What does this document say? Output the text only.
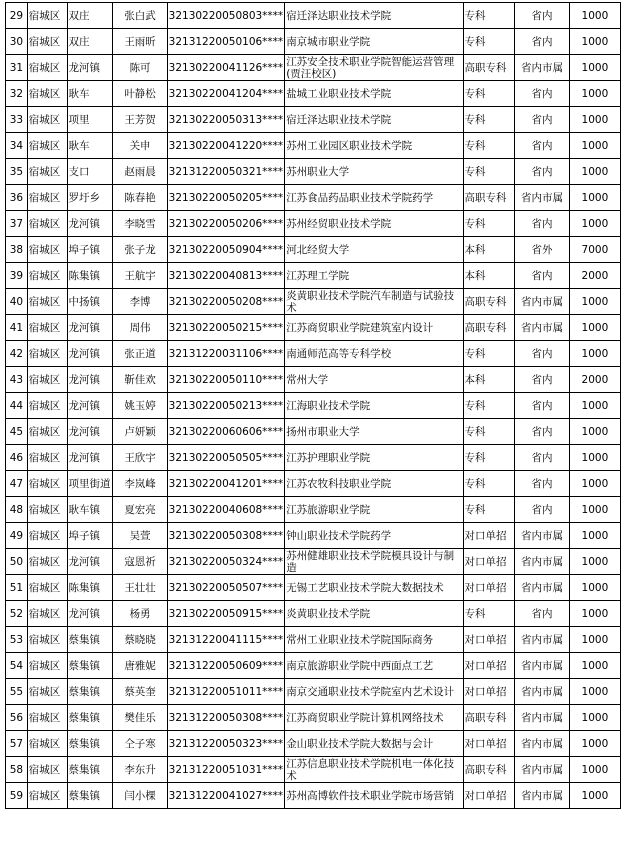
29	宿城区	双庄	张白武	32130220050803****	宿迁泽达职业技术学院	专科	省内	1000
30	宿城区	双庄	王雨昕	32131220050106****	南京城市职业学院	专科	省内	1000
31	宿城区	龙河镇	陈可	32130220041126****	江苏安全技术职业学院智能运营管理(贾汪校区)	高职专科	省内市属	1000
32	宿城区	耿车	叶静松	32130220041204****	盐城工业职业技术学院	专科	省内	1000
33	宿城区	项里	王芳贺	32130220050313****	宿迁泽达职业技术学院	专科	省内	1000
34	宿城区	耿车	关申	32130220041220****	苏州工业园区职业技术学院	专科	省内	1000
35	宿城区	支口	赵雨晨	32131220050321****	苏州职业大学	专科	省内	1000
36	宿城区	罗圩乡	陈春艳	32130220050205****	江苏食品药品职业技术学院药学	高职专科	省内市属	1000
37	宿城区	龙河镇	李晓雪	32130220050206****	苏州经贸职业技术学院	专科	省内	1000
38	宿城区	埠子镇	张子龙	32130220050904****	河北经贸大学	本科	省外	7000
39	宿城区	陈集镇	王航宇	32130220040813****	江苏理工学院	本科	省内	2000
40	宿城区	中扬镇	李博	32130220050208****	炎黄职业技术学院汽车制造与试验技术	高职专科	省内市属	1000
41	宿城区	龙河镇	周伟	32130220050215****	江苏商贸职业学院建筑室内设计	高职专科	省内市属	1000
42	宿城区	龙河镇	张正道	32131220031106****	南通师范高等专科学校	专科	省内	1000
43	宿城区	龙河镇	靳佳欢	32130220050110****	常州大学	本科	省内	2000
44	宿城区	龙河镇	姚玉婷	32130220050213****	江海职业技术学院	专科	省内	1000
45	宿城区	龙河镇	卢妍颖	32130220060606****	扬州市职业大学	专科	省内	1000
46	宿城区	龙河镇	王欣宇	32130220050505****	江苏护理职业学院	专科	省内	1000
47	宿城区	项里街道	李岚峰	32130220041201****	江苏农牧科技职业学院	专科	省内	1000
48	宿城区	耿车镇	夏宏亮	32130220040608****	江苏旅游职业学院	专科	省内	1000
49	宿城区	埠子镇	吴萱	32130220050308****	钟山职业技术学院药学	对口单招	省内市属	1000
50	宿城区	龙河镇	寇恩祈	32130220050324****	苏州健雄职业技术学院模具设计与制造	对口单招	省内市属	1000
51	宿城区	陈集镇	王壮壮	32130220050507****	无锡工艺职业技术学院大数据技术	对口单招	省内市属	1000
52	宿城区	龙河镇	杨勇	32130220050915****	炎黄职业技术学院	专科	省内	1000
53	宿城区	蔡集镇	蔡晓晓	32131220041115****	常州工业职业技术学院国际商务	对口单招	省内市属	1000
54	宿城区	蔡集镇	唐雅妮	32131220050609****	南京旅游职业学院中西面点工艺	对口单招	省内市属	1000
55	宿城区	蔡集镇	蔡英奎	32131220051011****	南京交通职业技术学院室内艺术设计	对口单招	省内市属	1000
56	宿城区	蔡集镇	樊佳乐	32131220050308****	江苏商贸职业学院计算机网络技术	高职专科	省内市属	1000
57	宿城区	蔡集镇	仝子寒	32131220050323****	金山职业技术学院大数据与会计	对口单招	省内市属	1000
58	宿城区	蔡集镇	李东升	32131220051031****	江苏信息职业技术学院机电一体化技术	高职专科	省内市属	1000
59	宿城区	蔡集镇	闫小棵	32131220041027****	苏州高博软件技术职业学院市场营销	对口单招	省内市属	1000
